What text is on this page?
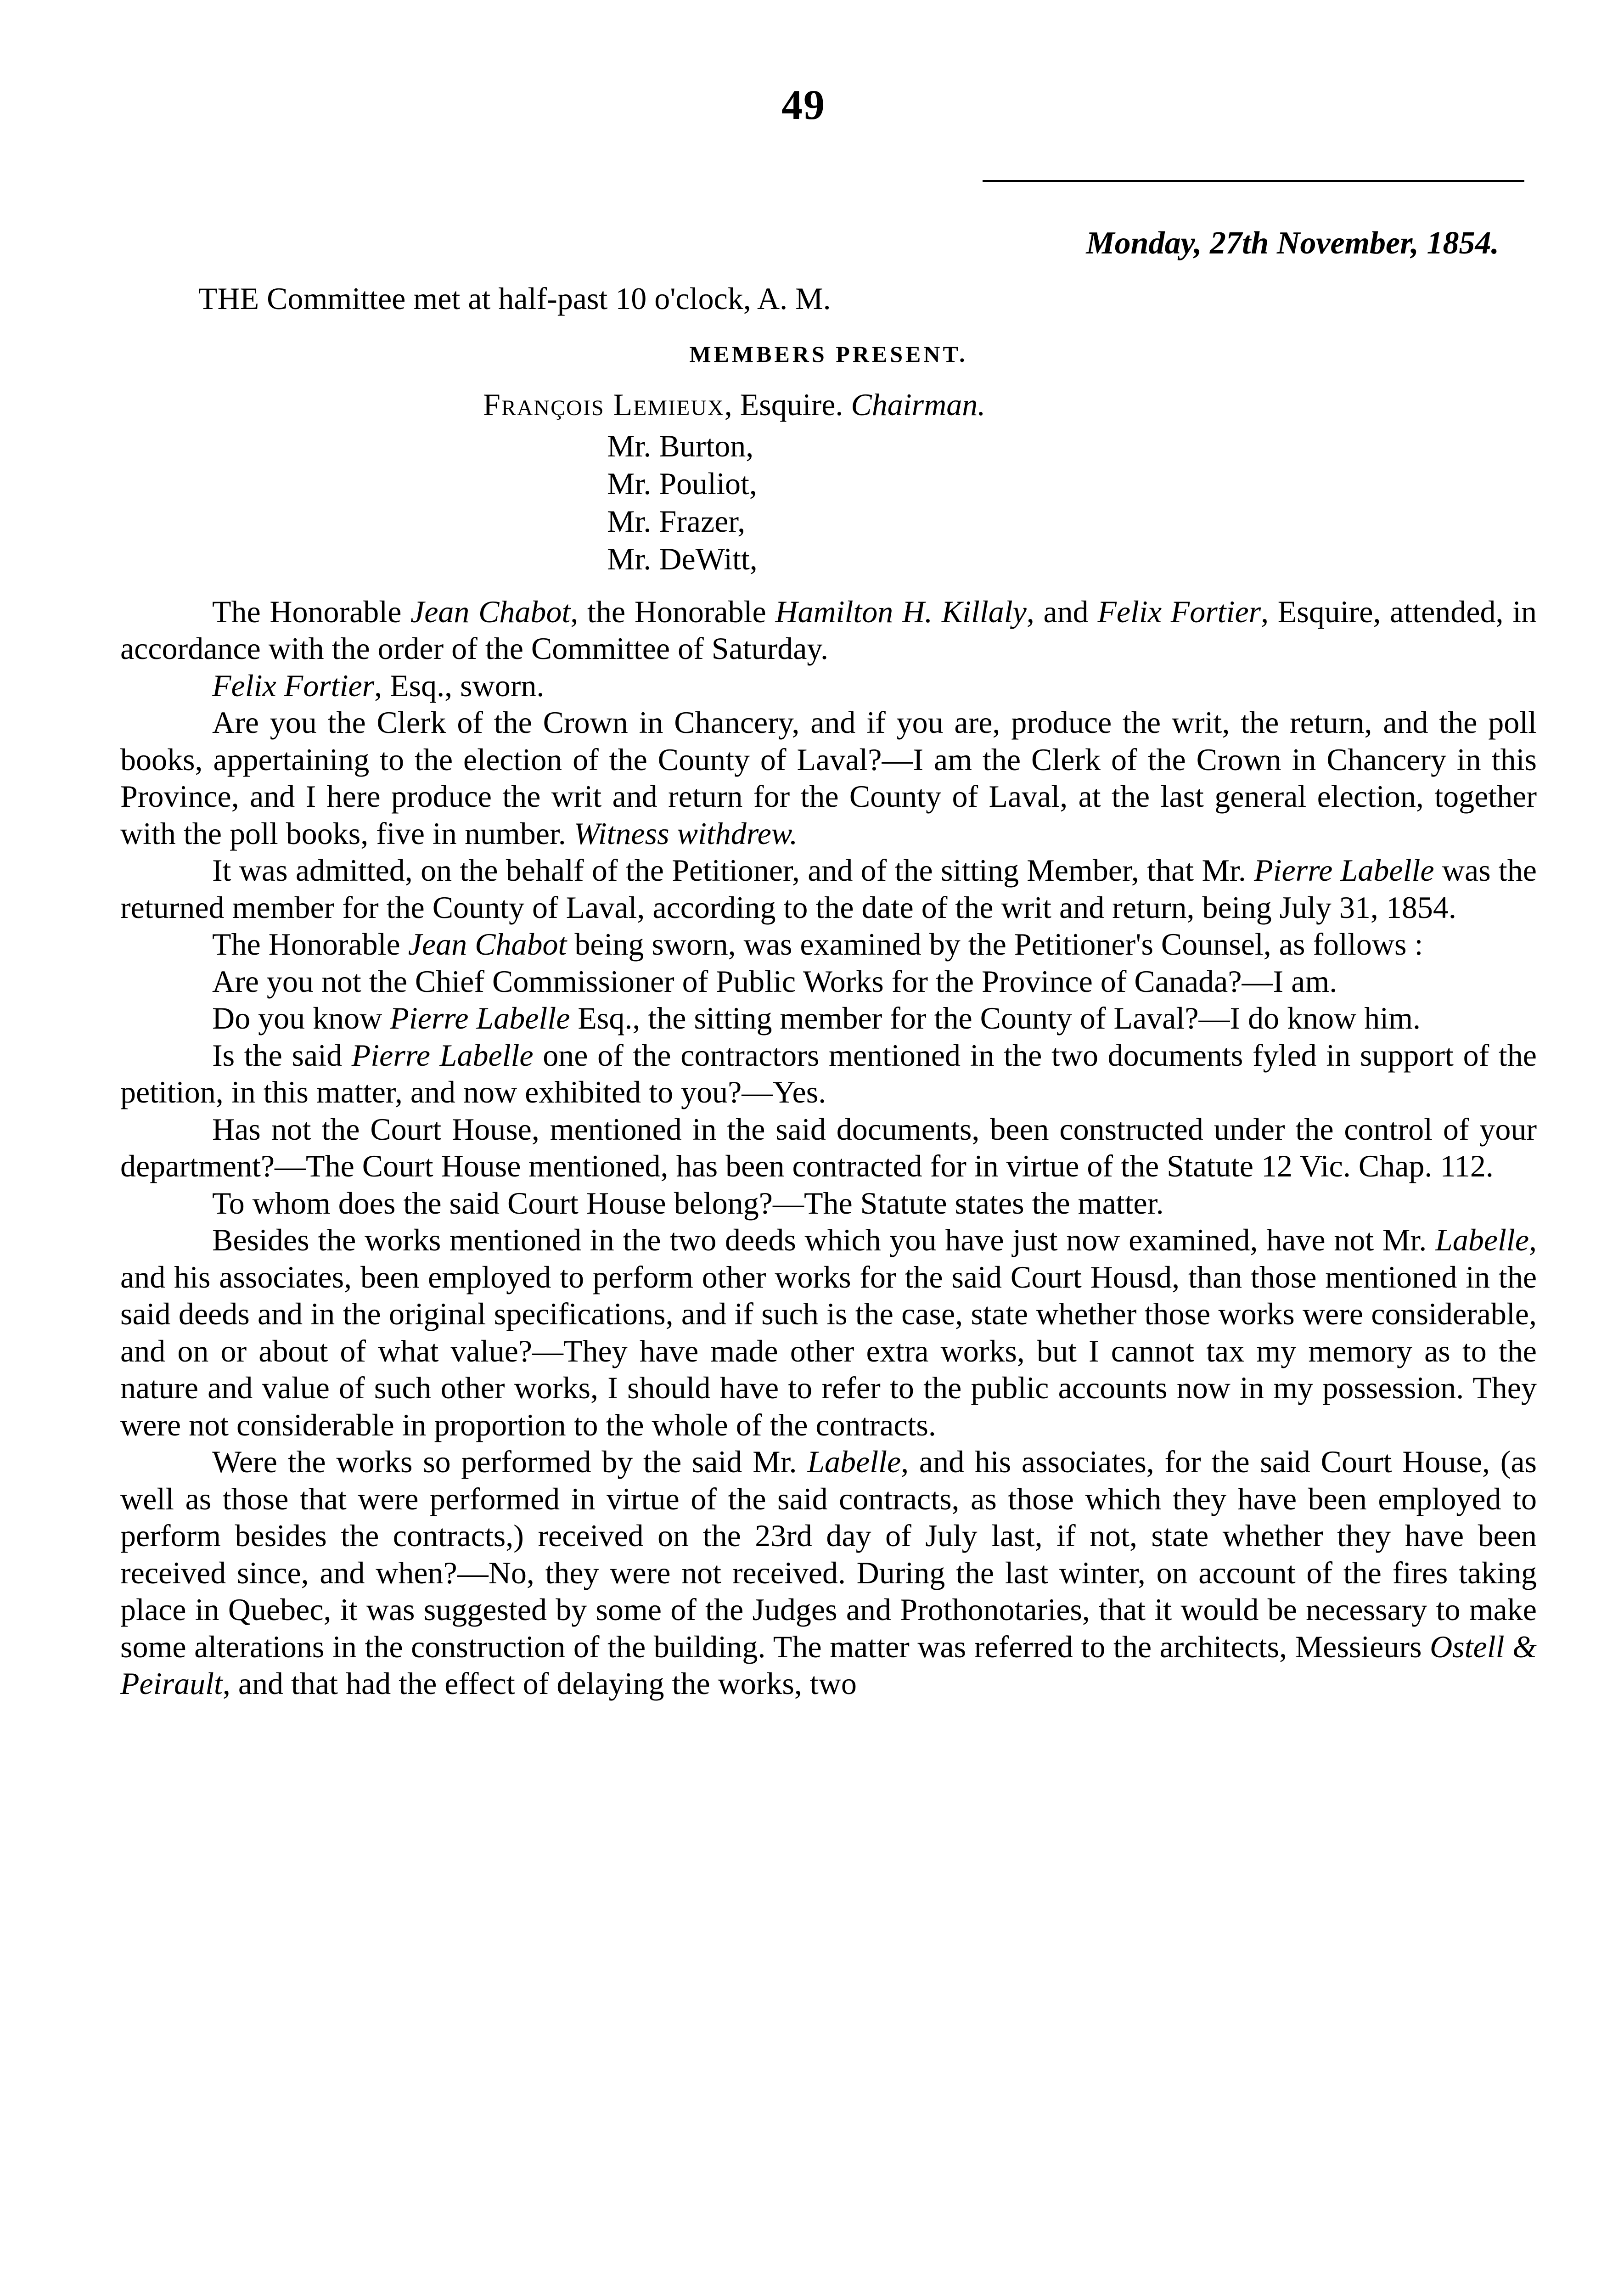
49
Monday, 27th November, 1854.

THE Committee met at half-past 10 o'clock, A. M.

MEMBERS PRESENT.
François Lemieux, Esquire. Chairman.
Mr. Burton,
Mr. Pouliot,
Mr. Frazer,
Mr. DeWitt,

The Honorable Jean Chabot, the Honorable Hamilton H. Killaly, and Felix Fortier, Esquire, attended, in accordance with the order of the Committee of Saturday.

Felix Fortier, Esq., sworn.

Are you the Clerk of the Crown in Chancery, and if you are, produce the writ, the return, and the poll books, appertaining to the election of the County of Laval?—I am the Clerk of the Crown in Chancery in this Province, and I here produce the writ and return for the County of Laval, at the last general election, together with the poll books, five in number. Witness withdrew.

It was admitted, on the behalf of the Petitioner, and of the sitting Member, that Mr. Pierre Labelle was the returned member for the County of Laval, according to the date of the writ and return, being July 31, 1854.

The Honorable Jean Chabot being sworn, was examined by the Petitioner's Counsel, as follows :

Are you not the Chief Commissioner of Public Works for the Province of Canada?—I am.

Do you know Pierre Labelle Esq., the sitting member for the County of Laval?—I do know him.

Is the said Pierre Labelle one of the contractors mentioned in the two documents fyled in support of the petition, in this matter, and now exhibited to you?—Yes.

Has not the Court House, mentioned in the said documents, been constructed under the control of your department?—The Court House mentioned, has been contracted for in virtue of the Statute 12 Vic. Chap. 112.

To whom does the said Court House belong?—The Statute states the matter.

Besides the works mentioned in the two deeds which you have just now examined, have not Mr. Labelle, and his associates, been employed to perform other works for the said Court Housd, than those mentioned in the said deeds and in the original specifications, and if such is the case, state whether those works were considerable, and on or about of what value?—They have made other extra works, but I cannot tax my memory as to the nature and value of such other works, I should have to refer to the public accounts now in my possession. They were not considerable in proportion to the whole of the contracts.

Were the works so performed by the said Mr. Labelle, and his associates, for the said Court House, (as well as those that were performed in virtue of the said contracts, as those which they have been employed to perform besides the contracts,) received on the 23rd day of July last, if not, state whether they have been received since, and when?—No, they were not received. During the last winter, on account of the fires taking place in Quebec, it was suggested by some of the Judges and Prothonotaries, that it would be necessary to make some alterations in the construction of the building. The matter was referred to the architects, Messieurs Ostell & Peirault, and that had the effect of delaying the works, two
